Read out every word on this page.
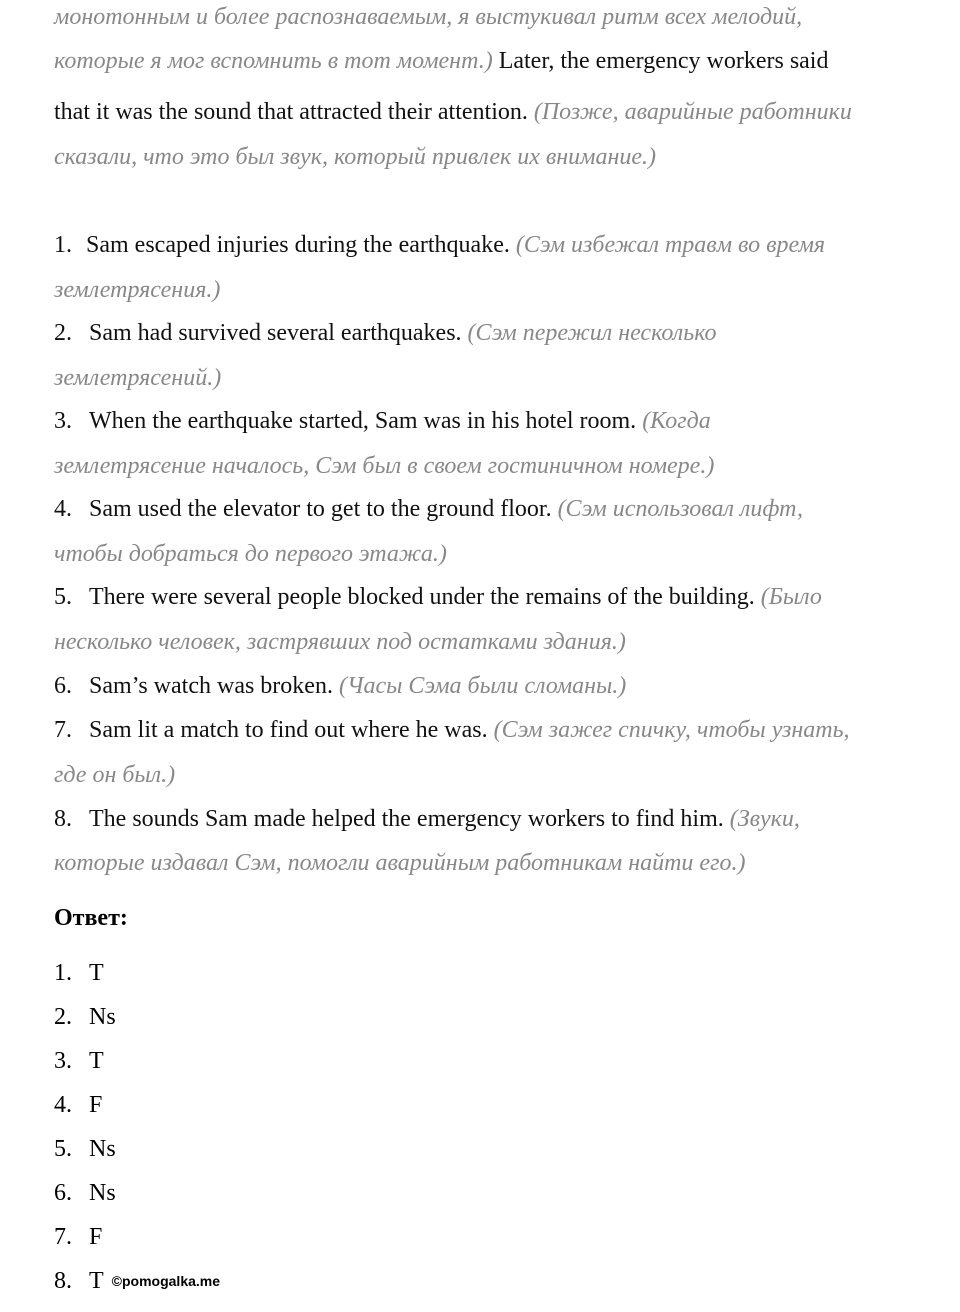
монотонным и более распознаваемым, я выстукивал ритм всех мелодий,
которые я мог вспомнить в тот момент.) Later, the emergency workers said
that it was the sound that attracted their attention. (Позже, аварийные работники
сказали, что это был звук, который привлек их внимание.)
1. Sam escaped injuries during the earthquake. (Сэм избежал травм во время
землетрясения.)
2. Sam had survived several earthquakes. (Сэм пережил несколько
землетрясений.)
3. When the earthquake started, Sam was in his hotel room. (Когда
землетрясение началось, Сэм был в своем гостиничном номере.)
4. Sam used the elevator to get to the ground floor. (Сэм использовал лифт,
чтобы добраться до первого этажа.)
5. There were several people blocked under the remains of the building. (Было
несколько человек, застрявших под остатками здания.)
6. Sam’s watch was broken. (Часы Сэма были сломаны.)
7. Sam lit a match to find out where he was. (Сэм зажег спичку, чтобы узнать,
где он был.)
8. The sounds Sam made helped the emergency workers to find him. (Звуки,
которые издавал Сэм, помогли аварийным работникам найти его.)
Ответ:
1. T
2. Ns
3. T
4. F
5. Ns
6. Ns
7. F
8. T ©pomogalka.me
